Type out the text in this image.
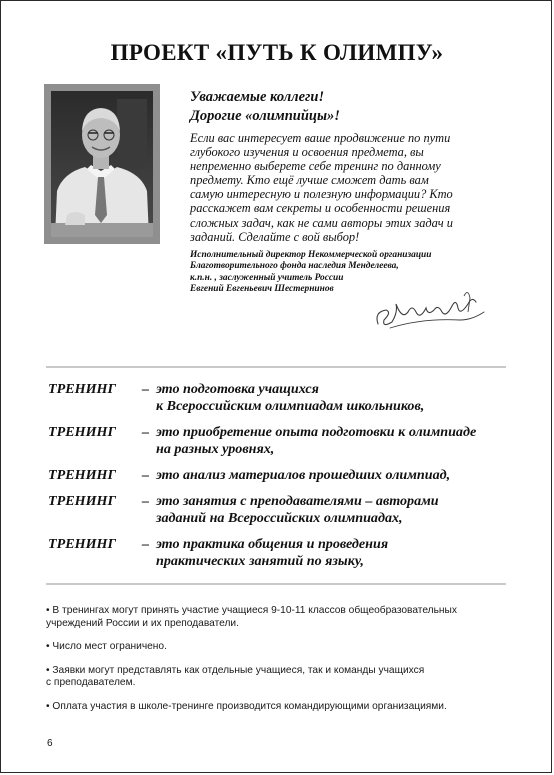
ПРОЕКТ «ПУТЬ К ОЛИМПУ»
Уважаемые коллеги!
Дорогие «олимпийцы»!
Если вас интересует ваше продвижение по пути
глубокого изучения и освоения предмета, вы
непременно выберете себе тренинг по данному
предмету. Кто ещё лучше сможет дать вам
самую интересную и полезную информации? Кто
расскажет вам секреты и особенности решения
сложных задач, как не сами авторы этих задач и
заданий. Сделайте с вой выбор!
Исполнительный директор Некоммерческой организации
Благотворительного фонда наследия Менделеева,
к.п.н. , заслуженный учитель России
Евгений Евгеньевич Шестернинов
ТРЕНИНГ	– это подготовка учащихся
к Всероссийским олимпиадам школьников,
ТРЕНИНГ	– это приобретение опыта подготовки к олимпиаде
на разных уровнях,
ТРЕНИНГ	– это анализ материалов прошедших олимпиад,
ТРЕНИНГ	– это занятия с преподавателями – авторами
заданий на Всероссийских олимпиадах,
ТРЕНИНГ	– это практика общения и проведения
практических занятий по языку,
• В тренингах могут принять участие учащиеся 9-10-11 классов общеобразовательных
учреждений России и их преподаватели.
• Число мест ограничено.
• Заявки могут представлять как отдельные учащиеся, так и команды учащихся
с преподавателем.
• Оплата участия в школе-тренинге производится командирующими организациями.
6
